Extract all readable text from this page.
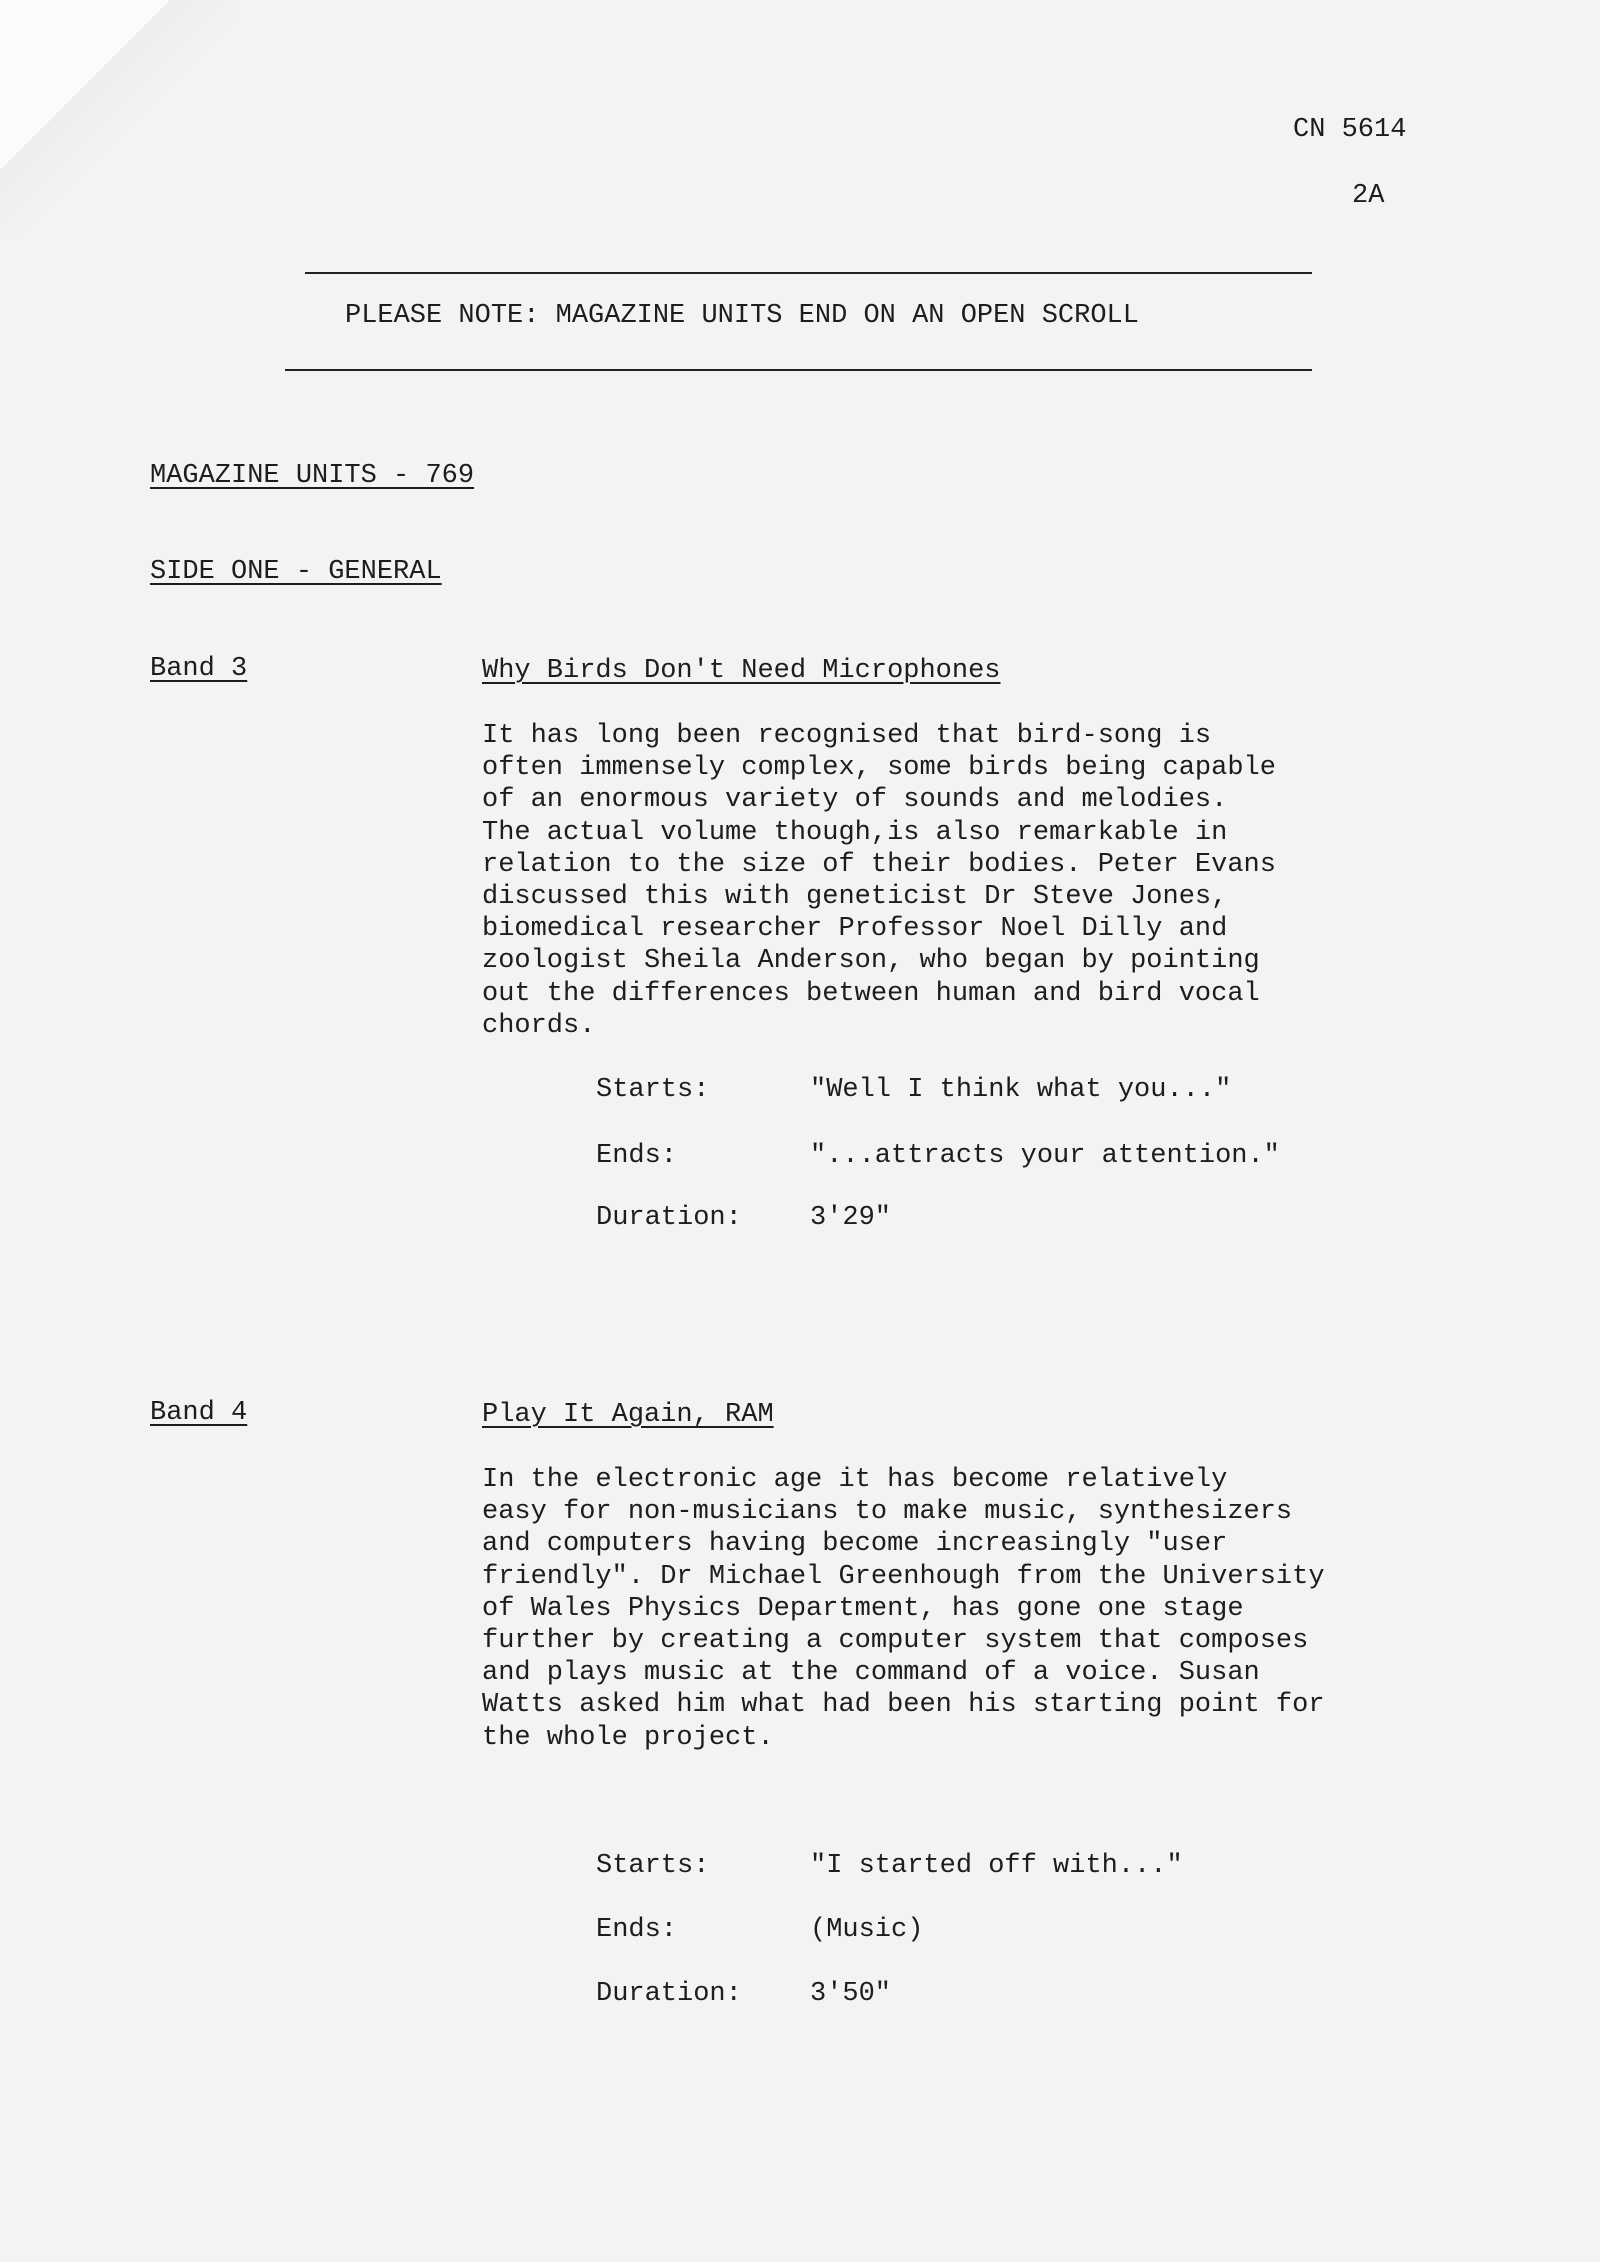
CN 5614
2A
PLEASE NOTE: MAGAZINE UNITS END ON AN OPEN SCROLL
MAGAZINE UNITS - 769
SIDE ONE - GENERAL
Band 3	Why Birds Don't Need Microphones

It has long been recognised that bird-song is
often immensely complex, some birds being capable
of an enormous variety of sounds and melodies.
The actual volume though,is also remarkable in
relation to the size of their bodies. Peter Evans
discussed this with geneticist Dr Steve Jones,
biomedical researcher Professor Noel Dilly and
zoologist Sheila Anderson, who began by pointing
out the differences between human and bird vocal
chords.

Starts:	"Well I think what you..."
Ends:	"...attracts your attention."
Duration:	3'29"
Band 4	Play It Again, RAM

In the electronic age it has become relatively
easy for non-musicians to make music, synthesizers
and computers having become increasingly "user
friendly". Dr Michael Greenhough from the University
of Wales Physics Department, has gone one stage
further by creating a computer system that composes
and plays music at the command of a voice. Susan
Watts asked him what had been his starting point for
the whole project.

Starts:	"I started off with..."
Ends:	(Music)
Duration:	3'50"
